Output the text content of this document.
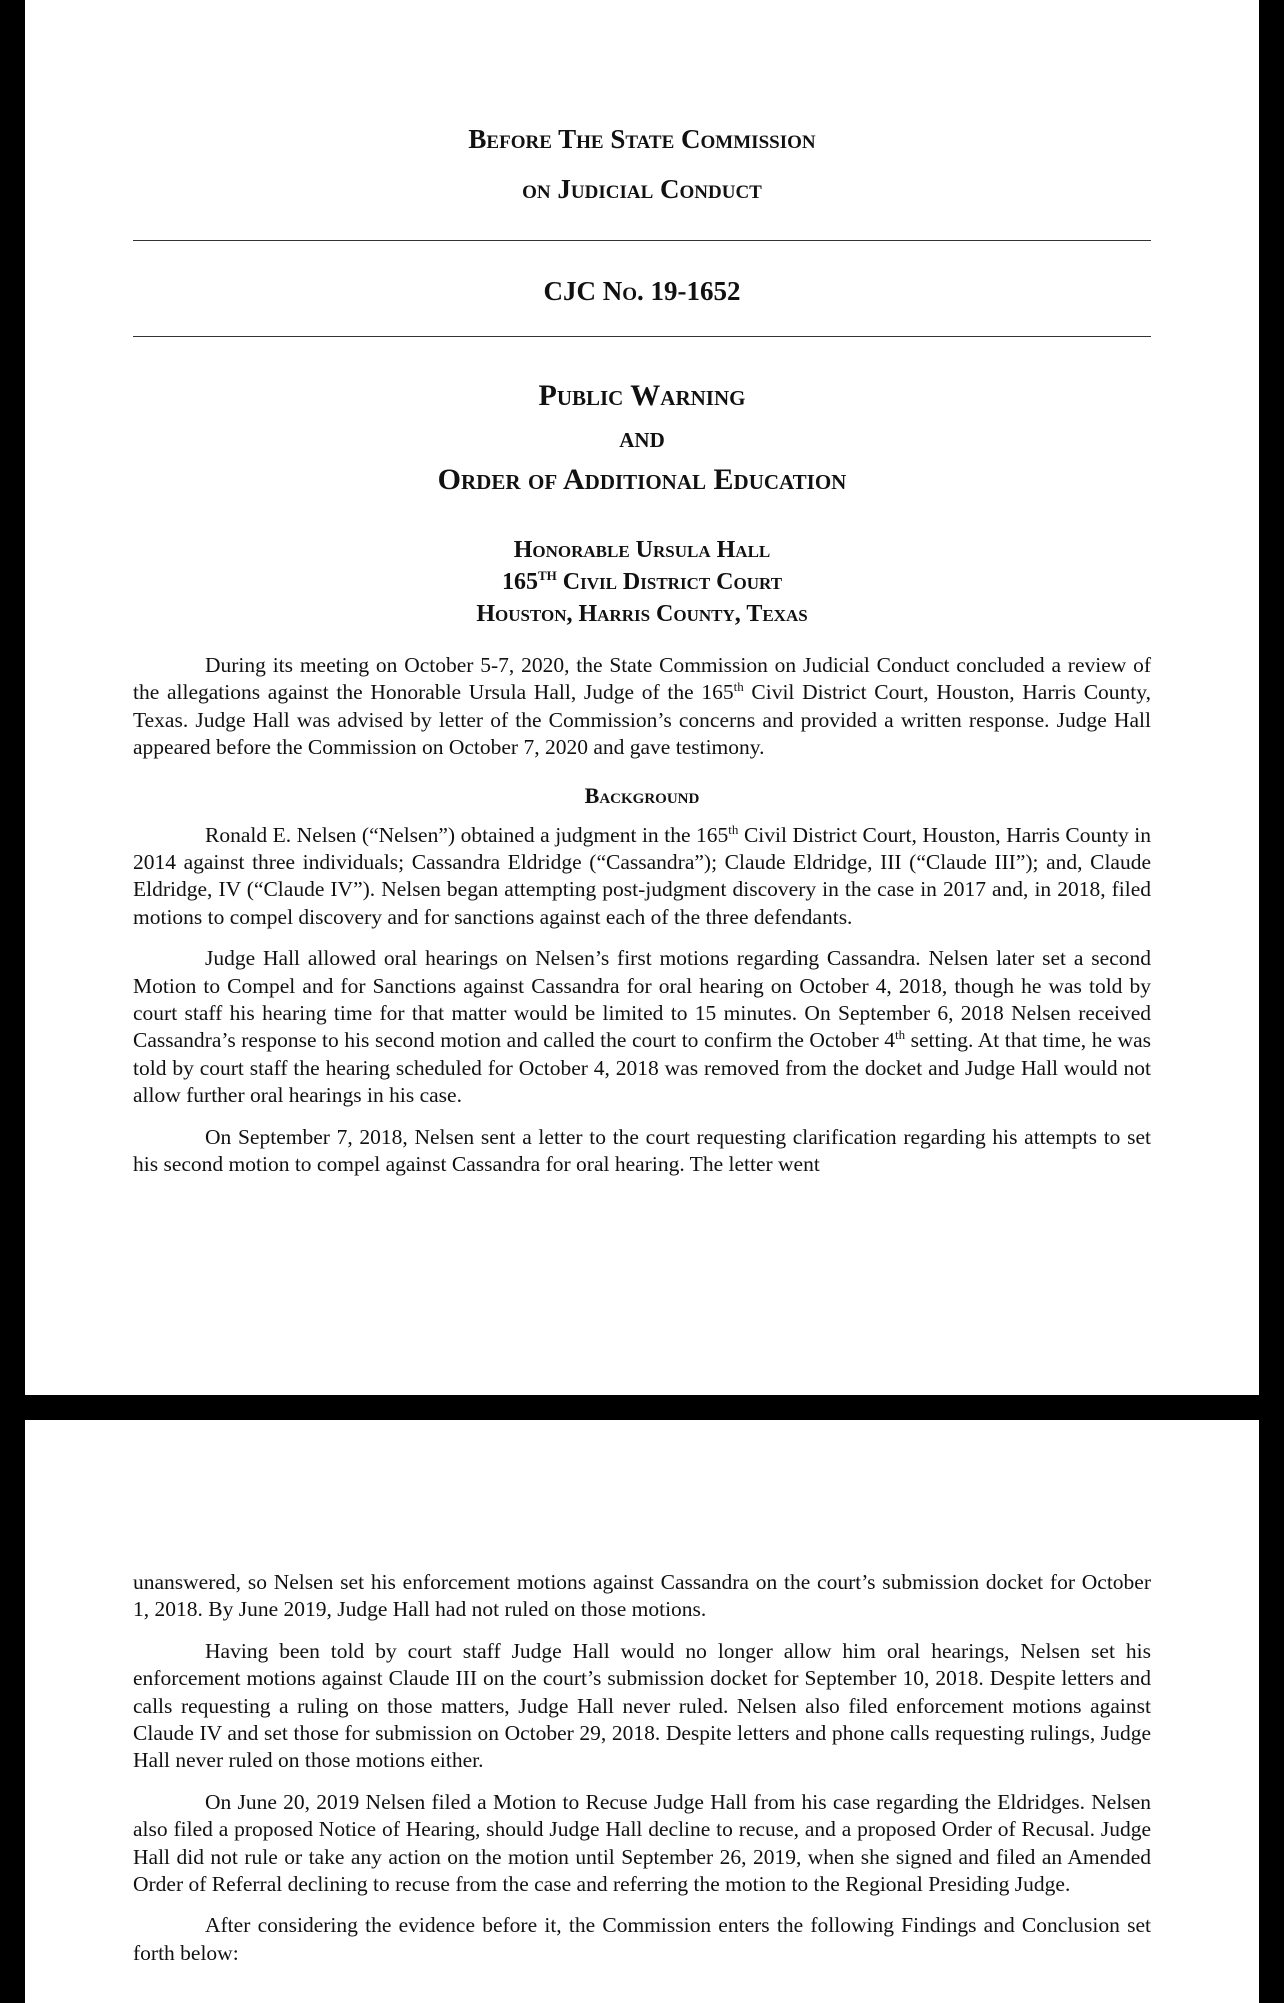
Before The State Commission
on Judicial Conduct
CJC No. 19-1652
Public Warning
and
Order of Additional Education
Honorable Ursula Hall
165TH Civil District Court
Houston, Harris County, Texas

During its meeting on October 5-7, 2020, the State Commission on Judicial Conduct concluded a review of the allegations against the Honorable Ursula Hall, Judge of the 165th Civil District Court, Houston, Harris County, Texas. Judge Hall was advised by letter of the Commission’s concerns and provided a written response. Judge Hall appeared before the Commission on October 7, 2020 and gave testimony.

Background

Ronald E. Nelsen (“Nelsen”) obtained a judgment in the 165th Civil District Court, Houston, Harris County in 2014 against three individuals; Cassandra Eldridge (“Cassandra”); Claude Eldridge, III (“Claude III”); and, Claude Eldridge, IV (“Claude IV”). Nelsen began attempting post-judgment discovery in the case in 2017 and, in 2018, filed motions to compel discovery and for sanctions against each of the three defendants.

Judge Hall allowed oral hearings on Nelsen’s first motions regarding Cassandra. Nelsen later set a second Motion to Compel and for Sanctions against Cassandra for oral hearing on October 4, 2018, though he was told by court staff his hearing time for that matter would be limited to 15 minutes. On September 6, 2018 Nelsen received Cassandra’s response to his second motion and called the court to confirm the October 4th setting. At that time, he was told by court staff the hearing scheduled for October 4, 2018 was removed from the docket and Judge Hall would not allow further oral hearings in his case.

On September 7, 2018, Nelsen sent a letter to the court requesting clarification regarding his attempts to set his second motion to compel against Cassandra for oral hearing. The letter went

unanswered, so Nelsen set his enforcement motions against Cassandra on the court’s submission docket for October 1, 2018. By June 2019, Judge Hall had not ruled on those motions.

Having been told by court staff Judge Hall would no longer allow him oral hearings, Nelsen set his enforcement motions against Claude III on the court’s submission docket for September 10, 2018. Despite letters and calls requesting a ruling on those matters, Judge Hall never ruled. Nelsen also filed enforcement motions against Claude IV and set those for submission on October 29, 2018. Despite letters and phone calls requesting rulings, Judge Hall never ruled on those motions either.

On June 20, 2019 Nelsen filed a Motion to Recuse Judge Hall from his case regarding the Eldridges. Nelsen also filed a proposed Notice of Hearing, should Judge Hall decline to recuse, and a proposed Order of Recusal. Judge Hall did not rule or take any action on the motion until September 26, 2019, when she signed and filed an Amended Order of Referral declining to recuse from the case and referring the motion to the Regional Presiding Judge.

After considering the evidence before it, the Commission enters the following Findings and Conclusion set forth below:
